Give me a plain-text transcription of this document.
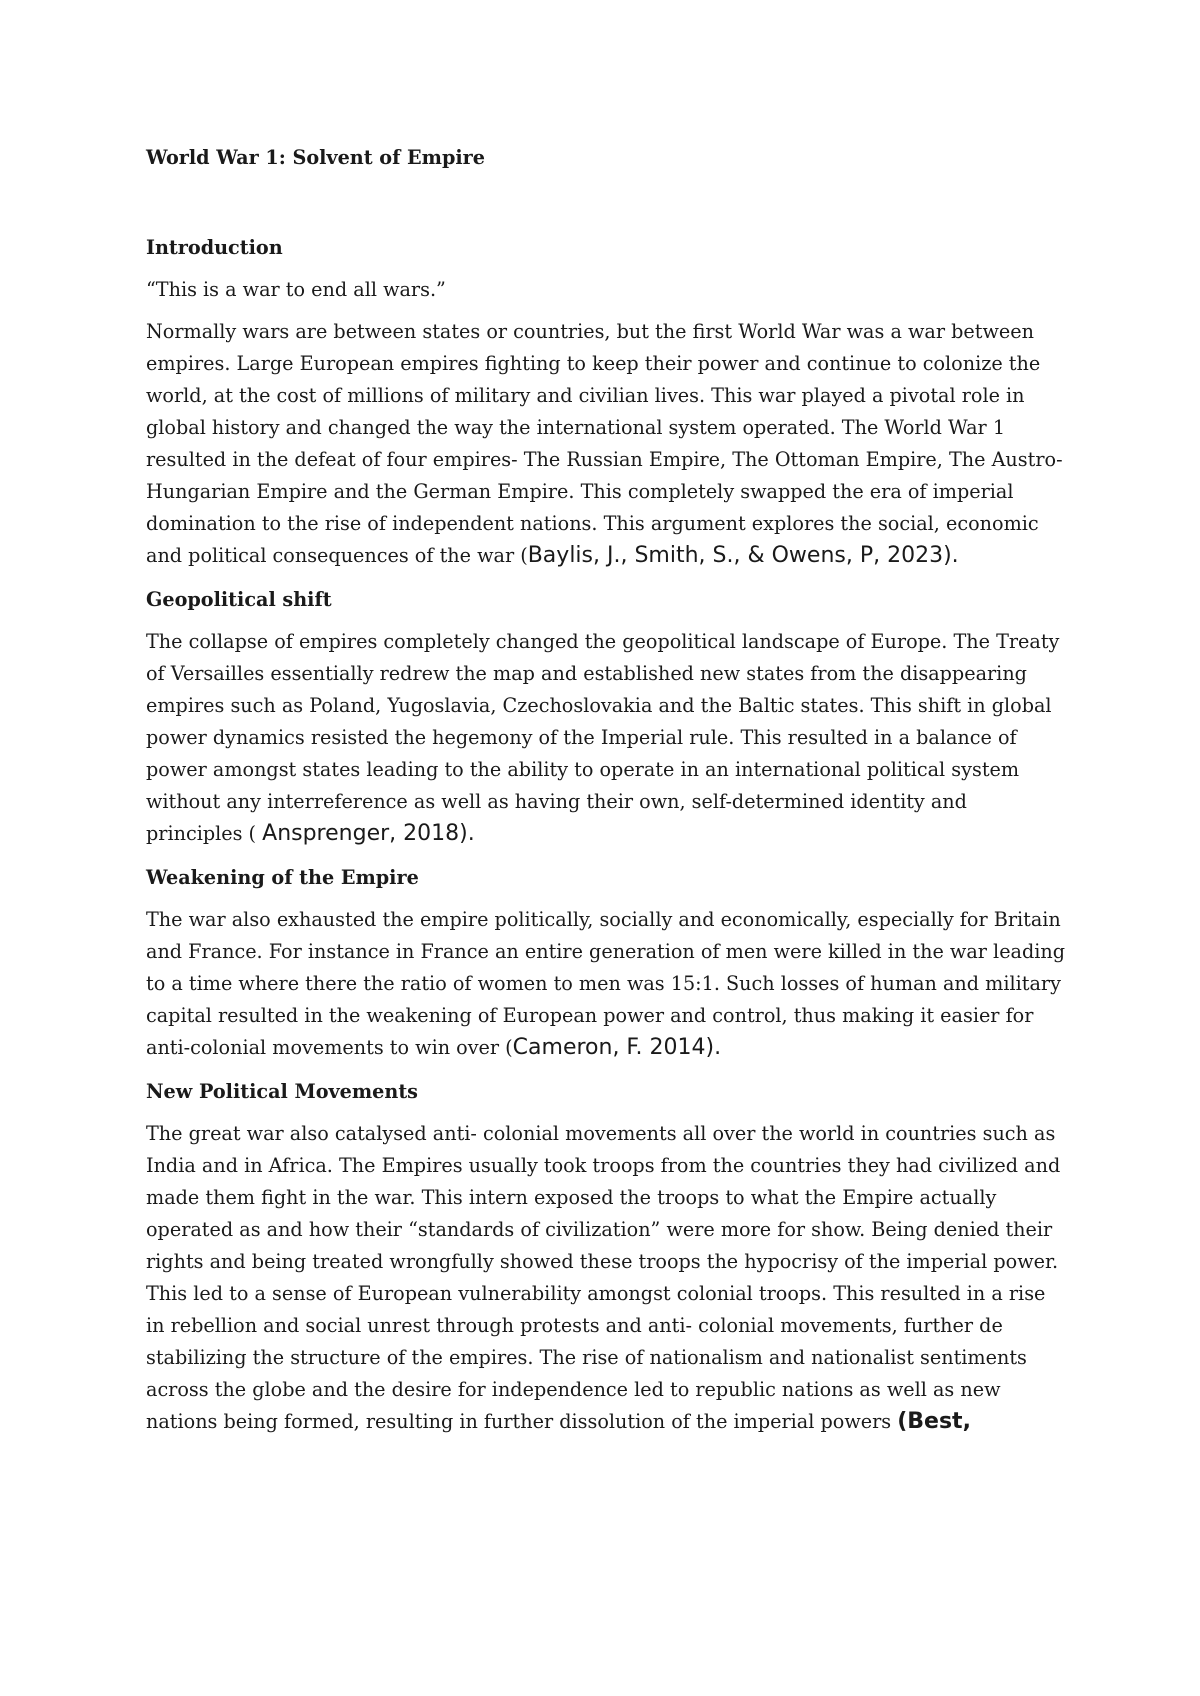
World War 1: Solvent of Empire

Introduction

“This is a war to end all wars.”

Normally wars are between states or countries, but the first World War was a war between empires. Large European empires fighting to keep their power and continue to colonize the world, at the cost of millions of military and civilian lives. This war played a pivotal role in global history and changed the way the international system operated. The World War 1 resulted in the defeat of four empires- The Russian Empire, The Ottoman Empire, The Austro-Hungarian Empire and the German Empire. This completely swapped the era of imperial domination to the rise of independent nations. This argument explores the social, economic and political consequences of the war (Baylis, J., Smith, S., & Owens, P, 2023).

Geopolitical shift

The collapse of empires completely changed the geopolitical landscape of Europe. The Treaty of Versailles essentially redrew the map and established new states from the disappearing empires such as Poland, Yugoslavia, Czechoslovakia and the Baltic states. This shift in global power dynamics resisted the hegemony of the Imperial rule. This resulted in a balance of power amongst states leading to the ability to operate in an international political system without any interreference as well as having their own, self-determined identity and principles ( Ansprenger, 2018).

Weakening of the Empire

The war also exhausted the empire politically, socially and economically, especially for Britain and France. For instance in France an entire generation of men were killed in the war leading to a time where there the ratio of women to men was 15:1. Such losses of human and military capital resulted in the weakening of European power and control, thus making it easier for anti-colonial movements to win over (Cameron, F. 2014).

New Political Movements

The great war also catalysed anti- colonial movements all over the world in countries such as India and in Africa. The Empires usually took troops from the countries they had civilized and made them fight in the war. This intern exposed the troops to what the Empire actually operated as and how their “standards of civilization” were more for show. Being denied their rights and being treated wrongfully showed these troops the hypocrisy of the imperial power. This led to a sense of European vulnerability amongst colonial troops. This resulted in a rise in rebellion and social unrest through protests and anti- colonial movements, further de stabilizing the structure of the empires. The rise of nationalism and nationalist sentiments across the globe and the desire for independence led to republic nations as well as new nations being formed, resulting in further dissolution of the imperial powers (Best,
